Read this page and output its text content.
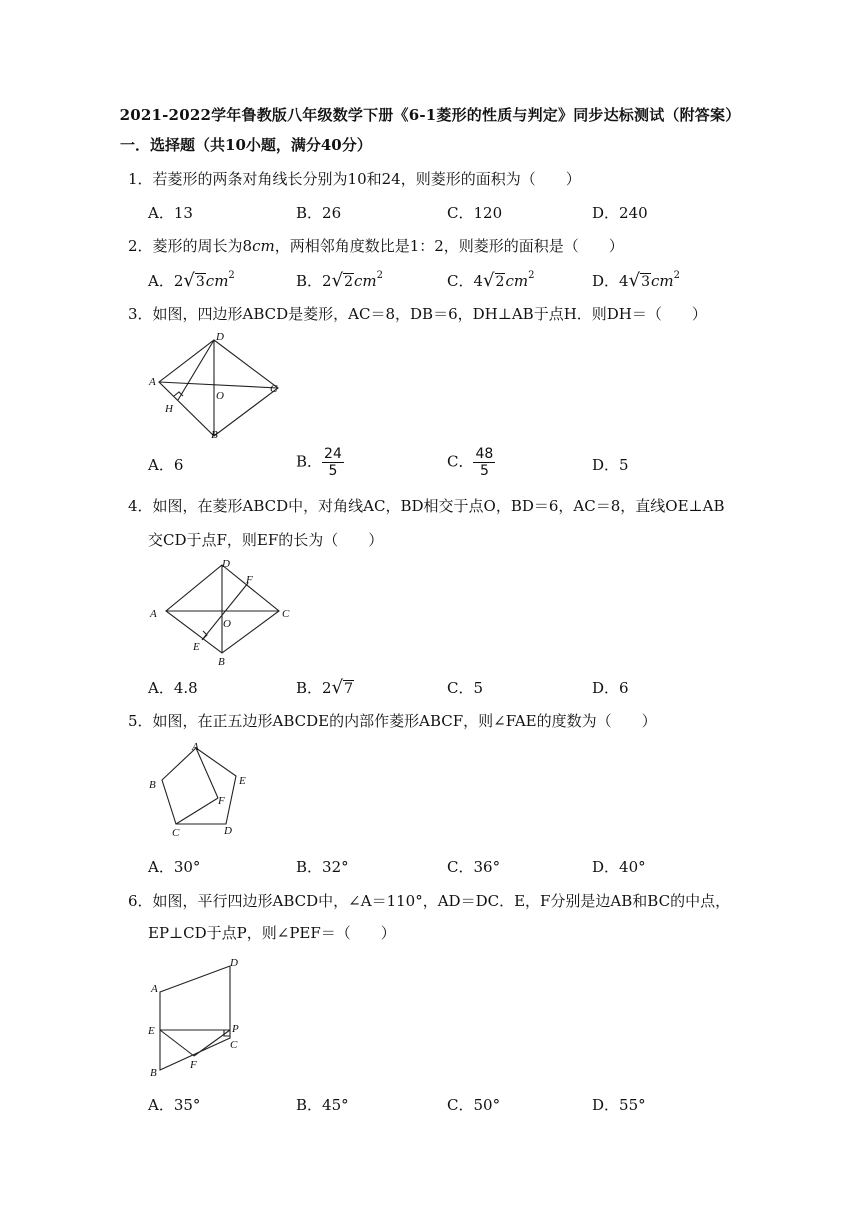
2021-2022学年鲁教版八年级数学下册《6-1菱形的性质与判定》同步达标测试（附答案）
一．选择题（共10小题，满分40分）
1．若菱形的两条对角线长分别为10和24，则菱形的面积为（　　）
A．13	B．26	C．120	D．240
2．菱形的周长为8cm，两相邻角度数比是1：2，则菱形的面积是（　　）
A．$2√3cm^2$	B．$2√2cm^2$	C．$4√2cm^2$	D．$4√3cm^2$
3．如图，四边形ABCD是菱形，AC＝8，DB＝6，DH⊥AB于点H．则DH＝（　　）
D
A
H
O
C
B
A．6	B． $\frac{24}{5}$	C． $\frac{48}{5}$	D．5
4．如图，在菱形ABCD中，对角线AC，BD相交于点O，BD＝6，AC＝8，直线OE⊥AB
交CD于点F，则EF的长为（　　）
D
F
A
O
C
E
B
A．4.8	B．2√7	C．5	D．6
5．如图，在正五边形ABCDE的内部作菱形ABCF，则∠FAE的度数为（　　）
A
B	E
F
C	D
A．30°	B．32°	C．36°	D．40°
6．如图，平行四边形ABCD中，∠A＝110°，AD＝DC．E，F分别是边AB和BC的中点，
EP⊥CD于点P，则∠PEF＝（　　）
D
A
E	P
C
F
B
A．35°	B．45°	C．50°	D．55°
